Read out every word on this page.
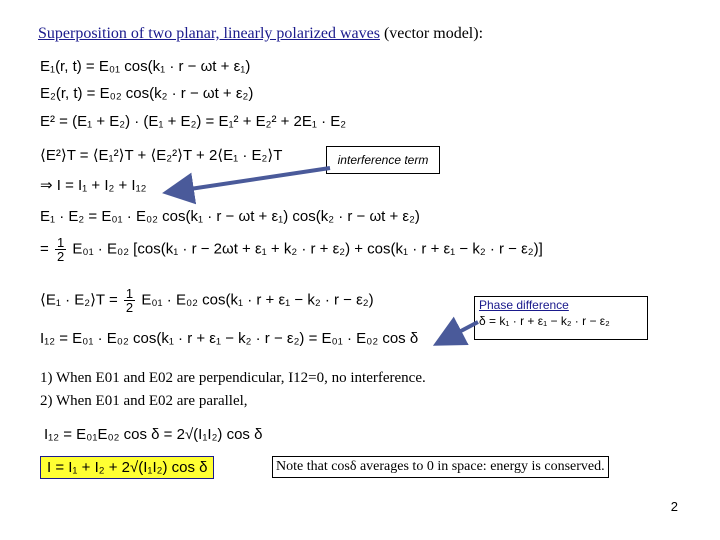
Superposition of two planar, linearly polarized waves (vector model):
E₁(r, t) = E₀₁ cos(k₁ · r − ωt + ε₁)
E₂(r, t) = E₀₂ cos(k₂ · r − ωt + ε₂)
E² = (E₁ + E₂) · (E₁ + E₂) = E₁² + E₂² + 2E₁ · E₂
⟨E²⟩T = ⟨E₁²⟩T + ⟨E₂²⟩T + 2⟨E₁ · E₂⟩T
⇒ I = I₁ + I₂ + I₁₂
interference term
E₁ · E₂ = E₀₁ · E₀₂ cos(k₁ · r − ωt + ε₁) cos(k₂ · r − ωt + ε₂)
= $\frac{1}{2} E_{01} \cdot E_{02}$ [cos(k₁ · r − 2ωt + ε₁ + k₂ · r + ε₂) + cos(k₁ · r + ε₁ − k₂ · r − ε₂)]
⟨E₁ · E₂⟩T = $\frac{1}{2} E_{01} \cdot E_{02}$ cos(k₁ · r + ε₁ − k₂ · r − ε₂)	Phase difference
δ = k₁ · r + ε₁ − k₂ · r − ε₂
I₁₂ = E₀₁ · E₀₂ cos(k₁ · r + ε₁ − k₂ · r − ε₂) = E₀₁ · E₀₂ cos δ
1) When E01 and E02 are perpendicular, I12=0, no interference.
2) When E01 and E02 are parallel,
I₁₂ = E₀₁E₀₂ cos δ = 2√(I₁I₂) cos δ
I = I₁ + I₂ + 2√(I₁I₂) cos δ	Note that cosδ averages to 0 in space: energy is conserved.
2
